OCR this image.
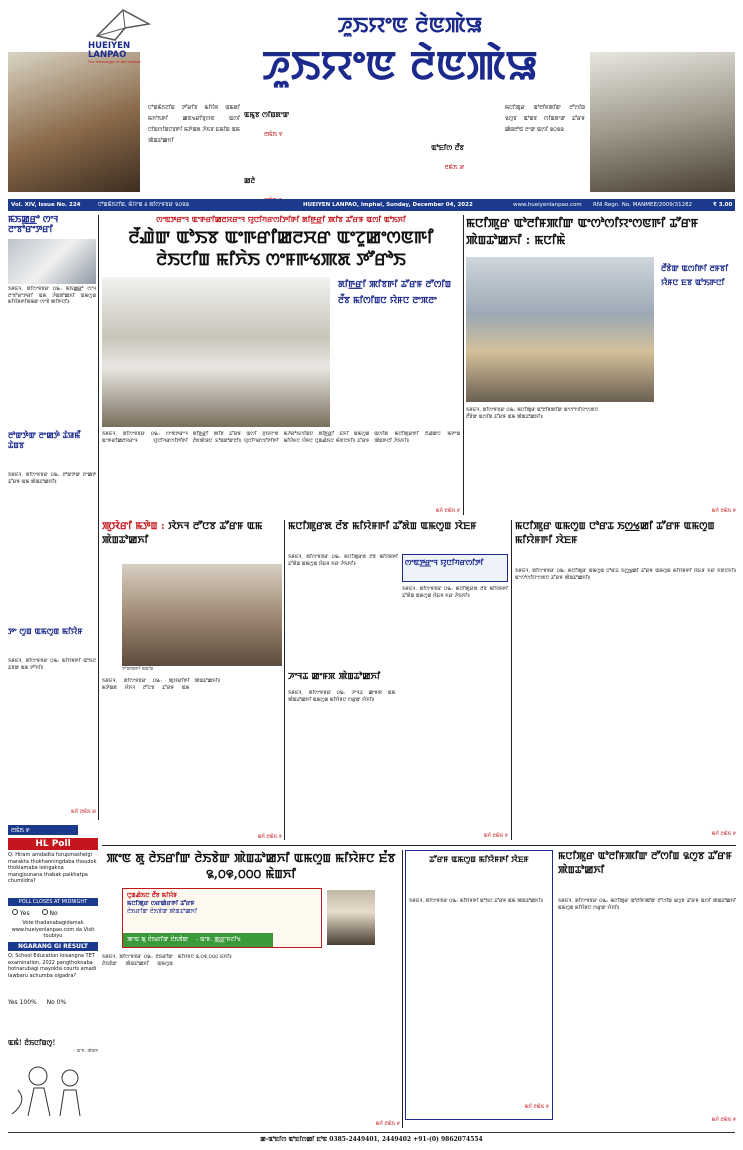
HUEIYEN LANPAO
The messenger of the masses
ꯍꯨꯏꯌꯦꯟ ꯂꯥꯟꯄꯥꯎ
ꯍꯨꯏꯌꯦꯟ ꯂꯥꯟꯄꯥꯎ
ꯅꯣꯡꯃꯥꯏꯖꯤꯡ ꯇꯧꯔꯤꯕ ꯃꯤꯌꯥꯝ ꯑꯃꯗꯤ ꯃꯈꯣꯏꯒꯤ ꯀꯟꯠꯔꯤꯕꯨꯁꯟ ꯑꯁꯤ ꯅꯤꯡꯁꯤꯡꯅꯕꯒꯤ ꯃꯇꯥꯡꯗ ꯍꯥꯏꯕ ꯐꯃꯤꯡ ꯑꯃ ꯄꯥꯡꯊꯣꯀꯈꯤ
ꯑꯃꯨꯕ ꯁꯤꯡꯗꯦꯛ
ꯂꯃꯥꯏ ꯵
ꯑꯣꯐꯤꯁ ꯂꯩꯕ
ꯂꯃꯥꯏ ꯷
ꯀꯂꯥ

ꯃꯅꯤꯄꯨꯔ ꯑꯣꯂꯤꯝꯄꯤꯛ ꯂꯧꯁꯤꯡ ꯲ꯁꯨꯕ ꯑꯣꯡꯕ ꯁꯤꯡꯗꯦꯛ ꯊꯧꯔꯝ ꯀꯥꯡꯂꯣꯟ ꯂꯦꯛ ꯑꯁꯤ ꯲꯰꯲꯲
Vol. XIV, Issue No. 224	ꯅꯣꯡꯃꯥꯏꯖꯤꯡ, ꯃꯥꯌꯦꯡ ꯴ ꯗꯤꯁꯦꯝꯕꯔ ꯲꯰꯲꯲	HUEIYEN LANPAO, Imphal, Sunday, December 04, 2022	www.hueiyenlanpao.com RNI Regn. No. MANMEE/2009/31282	₹ 3.00
ꯃꯥꯏꯀ꯭ꯔꯣ ꯁꯦꯜ ꯂꯦꯕꯣꯔꯦꯇꯔꯤ
ꯏꯝꯐꯥꯜ, ꯗꯤꯁꯦꯝꯕꯔ ꯰꯳: ꯃꯥꯏꯀ꯭ꯔꯣ ꯁꯦꯜ ꯂꯦꯕꯣꯔꯦꯇꯔꯤ ꯑꯃ ꯍꯥꯡꯗꯣꯀꯈꯤ ꯑꯃꯁꯨꯡ ꯃꯤꯌꯥꯝꯒꯤꯗꯃꯛ ꯁꯦꯕꯥ ꯄꯤꯒꯅꯤ꯫
ꯂꯣꯛꯇꯥꯛ ꯂꯦꯀꯇꯥ ꯊꯥꯎꯃꯩ ꯊꯥꯡꯕ
ꯏꯝꯐꯥꯜ, ꯗꯤꯁꯦꯝꯕꯔ ꯰꯳: ꯂꯣꯛꯇꯥꯛ ꯂꯦꯀꯇꯥ ꯊꯧꯔꯝ ꯑꯃ ꯄꯥꯡꯊꯣꯀꯈꯤ꯫
ꯇꯦ ꯁꯨꯡ ꯑꯃꯁꯨꯡ ꯃꯤꯌꯥꯝ
ꯏꯝꯐꯥꯜ, ꯗꯤꯁꯦꯝꯕꯔ ꯰꯳: ꯃꯤꯌꯥꯝꯒꯤ ꯑꯣꯏꯅ ꯊꯕꯛ ꯑꯃ ꯇꯧꯈꯤ꯫
ꯃꯈꯥ ꯂꯃꯥꯏ ꯷
ꯁꯦꯟꯇꯔꯦꯜ ꯑꯦꯒꯔꯤꯀꯂꯆꯔꯦꯜ ꯌꯨꯅꯤꯚꯔꯁꯤꯇꯤꯒꯤ ꯗꯤꯒ꯭ꯔꯤ ꯄꯤꯕ ꯊꯧꯔꯝ ꯑꯁꯤ ꯑꯣꯏꯈꯤ
ꯂꯩꯉꯥꯛ ꯑꯣꯏꯕ ꯑꯦꯒꯔꯤꯀꯂꯆꯔ ꯑꯦꯖꯨꯀꯦꯁꯟꯒꯤ
ꯂꯥꯏꯅꯤꯡ ꯃꯤꯈꯥꯏ ꯁꯦꯝꯒꯠꯄꯗ ꯇꯧꯔꯣꯏ
ꯗꯤꯒ꯭ꯔꯤ ꯄꯤꯕꯒꯤ ꯊꯧꯔꯝ ꯂꯧꯁꯤꯡ ꯂꯩꯕ ꯃꯤꯁꯤꯡꯅ ꯌꯥꯝꯅ ꯂꯦꯞꯂꯦ
ꯏꯝꯐꯥꯜ, ꯗꯤꯁꯦꯝꯕꯔ ꯰꯳: ꯁꯦꯟꯇꯔꯦꯜ ꯑꯦꯒꯔꯤꯀꯂꯆꯔꯦꯜ ꯌꯨꯅꯤꯚꯔꯁꯤꯇꯤꯒꯤ ꯗꯤꯒ꯭ꯔꯤ ꯄꯤꯕ ꯊꯧꯔꯝ ꯑꯁꯤ ꯍꯨꯏꯌꯦꯟ ꯂꯥꯟꯄꯥꯎꯅ ꯐꯣꯡꯗꯣꯛꯂꯤ꯫ ꯌꯨꯅꯤꯚꯔꯁꯤꯇꯤꯒꯤ ꯃꯍꯩꯔꯣꯏꯁꯤꯡꯅ ꯗꯤꯒ꯭ꯔꯤ ꯐꯪꯈꯤ ꯑꯃꯁꯨꯡ ꯃꯤꯌꯥꯝꯅ ꯌꯥꯝꯅ ꯅꯨꯡꯉꯥꯏꯅ ꯃꯥꯟꯅꯈꯤ꯫ ꯊꯧꯔꯝ ꯑꯁꯤꯗ ꯃꯅꯤꯄꯨꯔꯒꯤ ꯂꯩꯉꯥꯛꯅ ꯃꯇꯦꯡ ꯄꯥꯡꯒꯅꯤ ꯍꯥꯏꯈꯤ꯫
ꯃꯈꯥ ꯂꯃꯥꯏ ꯸
ꯃꯅꯤꯄꯨꯔ ꯑꯣꯂꯤꯝꯄꯤꯛ ꯑꯦꯁꯣꯁꯤꯌꯦꯁꯟꯒꯤ ꯊꯧꯔꯝ ꯄꯥꯡꯊꯣꯀꯈꯤ : ꯃꯅꯤꯃꯥ
ꯂꯩꯕꯥꯛ ꯑꯁꯤꯒꯤ ꯂꯝꯕꯤ ꯌꯥꯝꯅ ꯐꯕ ꯑꯣꯏꯒꯅꯤ
ꯏꯝꯐꯥꯜ, ꯗꯤꯁꯦꯝꯕꯔ ꯰꯳: ꯃꯅꯤꯄꯨꯔ ꯑꯣꯂꯤꯝꯄꯤꯛ ꯑꯦꯁꯣꯁꯤꯌꯦꯁꯟꯅ ꯂꯩꯕꯥꯛ ꯑꯁꯤꯗ ꯊꯧꯔꯝ ꯑꯃ ꯄꯥꯡꯊꯣꯀꯈꯤ꯫
ꯃꯈꯥ ꯂꯃꯥꯏ ꯸
ꯂꯃꯥꯏ ꯸
HL Poll
Q: Hiram amdadta furupmashelgi marakta thokhanningdaba thoudok thoklamaba leingakna mangjounana thabak paikhatpa chumlidra?
POLL CLOSES AT MIDNIGHT
Yes	No
Vote thadanabagidamak www.hueiyenlanpao.com da Visit toubiyu
NGARANG GI RESULT
Q: School Education loisangna TET examination, 2022 pangthoknaba hotnarubagi mayokta courts amadi lawbaru achumba oigadra?
Yes 100% No 0%
ꯑꯃꯥ! ꯂꯥꯏꯅꯤꯡꯁꯨ!
- ꯑꯦꯝ. ꯄꯥꯡꯕ
ꯄꯨꯋꯥꯔꯤ ꯃꯇꯥꯡ : ꯋꯥꯈꯜ ꯂꯧꯅꯕ ꯊꯧꯔꯝ ꯑꯃ ꯄꯥꯡꯊꯣꯀꯈꯤ
ꯇꯣꯛꯄꯒꯤ ꯃꯑꯣꯡ
ꯏꯝꯐꯥꯜ, ꯗꯤꯁꯦꯝꯕꯔ ꯰꯳: ꯄꯨꯋꯥꯔꯤꯒꯤ ꯃꯇꯥꯡꯗ ꯋꯥꯈꯜ ꯂꯧꯅꯕ ꯊꯧꯔꯝ ꯑꯃ ꯄꯥꯡꯊꯣꯀꯈꯤ꯫
ꯃꯈꯥ ꯂꯃꯥꯏ ꯸
ꯃꯅꯤꯄꯨꯔꯗ ꯂꯩꯕ ꯃꯤꯌꯥꯝꯒꯤ ꯊꯧꯗꯥꯡ ꯑꯃꯁꯨꯡ ꯋꯥꯐꯝ
ꯏꯝꯐꯥꯜ, ꯗꯤꯁꯦꯝꯕꯔ ꯰꯳: ꯃꯅꯤꯄꯨꯔꯗ ꯂꯩꯕ ꯃꯤꯌꯥꯝꯒꯤ ꯊꯧꯗꯥꯡ ꯑꯃꯁꯨꯡ ꯋꯥꯐꯝ ꯈꯔ ꯍꯥꯏꯈꯤ꯫	ꯁꯦꯟꯇ꯭ꯔꯦꯜ ꯌꯨꯅꯤꯚꯔꯁꯤꯇꯤ
ꯏꯝꯐꯥꯜ, ꯗꯤꯁꯦꯝꯕꯔ ꯰꯳: ꯃꯅꯤꯄꯨꯔꯗ ꯂꯩꯕ ꯃꯤꯌꯥꯝꯒꯤ ꯊꯧꯗꯥꯡ ꯑꯃꯁꯨꯡ ꯋꯥꯐꯝ ꯈꯔ ꯍꯥꯏꯈꯤ꯫
ꯍꯦꯜꯊ ꯀꯦꯝꯞ ꯄꯥꯡꯊꯣꯀꯈꯤ
ꯏꯝꯐꯥꯜ, ꯗꯤꯁꯦꯝꯕꯔ ꯰꯳: ꯍꯦꯜꯊ ꯀꯦꯝꯞ ꯑꯃ ꯄꯥꯡꯊꯣꯀꯈꯤ ꯑꯃꯁꯨꯡ ꯃꯤꯌꯥꯝꯅ ꯁꯔꯨꯛ ꯌꯥꯈꯤ꯫
ꯃꯈꯥ ꯂꯃꯥꯏ ꯸
ꯃꯅꯤꯄꯨꯔ ꯑꯃꯁꯨꯡ ꯅꯣꯔꯊ ꯏꯁ꯭ꯠꯀꯤ ꯊꯧꯔꯝ ꯑꯃꯁꯨꯡ ꯃꯤꯌꯥꯝꯒꯤ ꯋꯥꯐꯝ
ꯏꯝꯐꯥꯜ, ꯗꯤꯁꯦꯝꯕꯔ ꯰꯳: ꯃꯅꯤꯄꯨꯔ ꯑꯃꯁꯨꯡ ꯅꯣꯔꯊ ꯏꯁ꯭ꯠꯀꯤ ꯊꯧꯔꯝ ꯑꯃꯁꯨꯡ ꯃꯤꯌꯥꯝꯒꯤ ꯋꯥꯐꯝ ꯈꯔ ꯈꯟꯅꯈꯤ꯫ ꯑꯦꯁꯣꯁꯤꯌꯦꯁꯟꯅ ꯊꯧꯔꯝ ꯄꯥꯡꯊꯣꯀꯈꯤ꯫
ꯃꯈꯥ ꯂꯃꯥꯏ ꯸
ꯄꯦꯟ ꯗꯨ ꯂꯥꯏꯔꯤꯛ ꯂꯥꯏꯕꯥꯛ ꯄꯥꯡꯊꯣꯀꯈꯤ ꯑꯃꯁꯨꯡ ꯃꯤꯌꯥꯝꯅ ꯐꯪꯕ ꯲,꯰꯶,꯰꯰꯰ ꯃꯥꯡꯈꯤ
ꯅꯨꯡꯉꯥꯏꯅ ꯂꯩꯕ ꯃꯤꯌꯥꯝ
ꯃꯅꯤꯄꯨꯔ ꯁꯔꯀꯥꯔꯒꯤ ꯊꯧꯔꯝ
ꯂꯥꯏꯔꯤꯛ ꯂꯥꯏꯕꯥꯛ ꯄꯥꯡꯊꯣꯀꯈꯤ
ꯄꯦꯟ ꯗꯨ ꯂꯥꯏꯔꯤꯛ ꯂꯥꯏꯕꯥꯛ - ꯑꯦꯝ. ꯄ꯭ꯔꯦꯝꯖꯤꯠ
ꯏꯝꯐꯥꯜ, ꯗꯤꯁꯦꯝꯕꯔ ꯰꯳: ꯂꯥꯏꯔꯤꯛ ꯂꯥꯏꯕꯥꯛ ꯄꯥꯡꯊꯣꯀꯈꯤ ꯑꯃꯁꯨꯡ ꯃꯤꯌꯥꯝꯅ ꯲,꯰꯶,꯰꯰꯰ ꯐꯪꯈꯤ꯫
ꯃꯈꯥ ꯂꯃꯥꯏ ꯸
ꯊꯧꯔꯝ ꯑꯃꯁꯨꯡ ꯃꯤꯌꯥꯝꯒꯤ ꯋꯥꯐꯝ
ꯏꯝꯐꯥꯜ, ꯗꯤꯁꯦꯝꯕꯔ ꯰꯳: ꯃꯤꯌꯥꯝꯒꯤ ꯑꯣꯏꯅ ꯊꯧꯔꯝ ꯑꯃ ꯄꯥꯡꯊꯣꯀꯈꯤ꯫
ꯃꯈꯥ ꯂꯃꯥꯏ ꯸
ꯃꯅꯤꯄꯨꯔ ꯑꯣꯂꯤꯝꯄꯤꯛ ꯂꯧꯁꯤꯡ ꯲ꯁꯨꯕ ꯊꯧꯔꯝ ꯄꯥꯡꯊꯣꯀꯈꯤ
ꯏꯝꯐꯥꯜ, ꯗꯤꯁꯦꯝꯕꯔ ꯰꯳: ꯃꯅꯤꯄꯨꯔ ꯑꯣꯂꯤꯝꯄꯤꯛ ꯂꯧꯁꯤꯡ ꯲ꯁꯨꯕ ꯊꯧꯔꯝ ꯑꯁꯤ ꯄꯥꯡꯊꯣꯀꯈꯤ ꯑꯃꯁꯨꯡ ꯃꯤꯌꯥꯝꯅ ꯁꯔꯨꯛ ꯌꯥꯈꯤ꯫
ꯃꯈꯥ ꯂꯃꯥꯏ ꯸
ꯀ-ꯑꯣꯐꯤꯁ ꯑꯣꯐꯤꯁꯀꯤ ꯐꯣꯟ 0385-2449401, 2449402 +91-(0) 9862074554
